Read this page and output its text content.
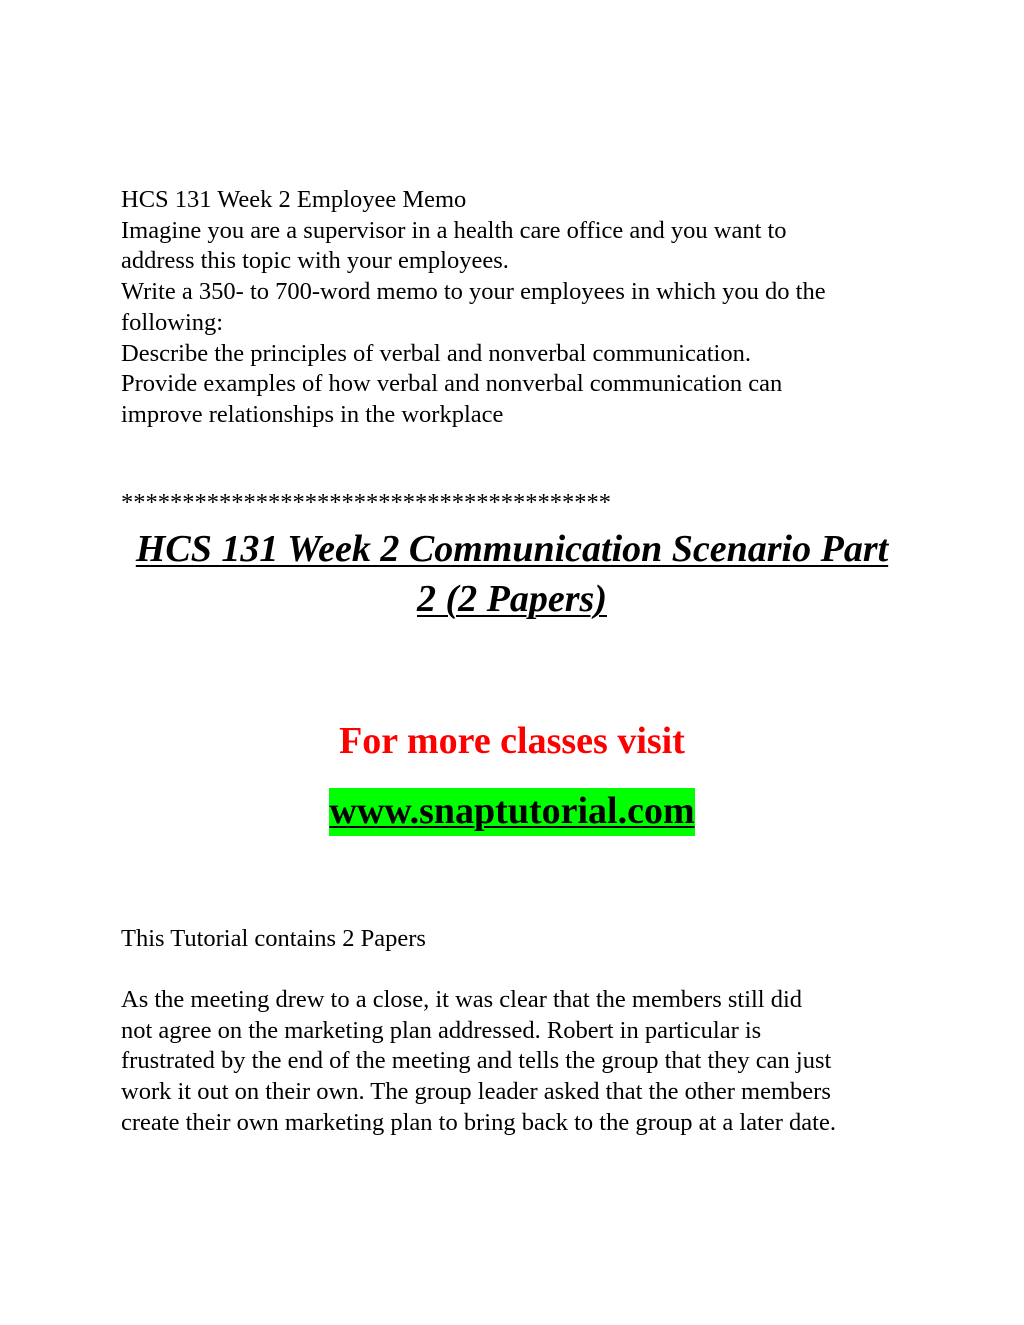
HCS 131 Week 2 Employee Memo

Imagine you are a supervisor in a health care office and you want to

address this topic with your employees.

Write a 350- to 700-word memo to your employees in which you do the

following:

Describe the principles of verbal and nonverbal communication.

Provide examples of how verbal and nonverbal communication can

improve relationships in the workplace

****************************************
HCS 131 Week 2 Communication Scenario Part
2 (2 Papers)

For more classes visit

www.snaptutorial.com

This Tutorial contains 2 Papers

As the meeting drew to a close, it was clear that the members still did
not agree on the marketing plan addressed. Robert in particular is
frustrated by the end of the meeting and tells the group that they can just
work it out on their own. The group leader asked that the other members
create their own marketing plan to bring back to the group at a later date.
